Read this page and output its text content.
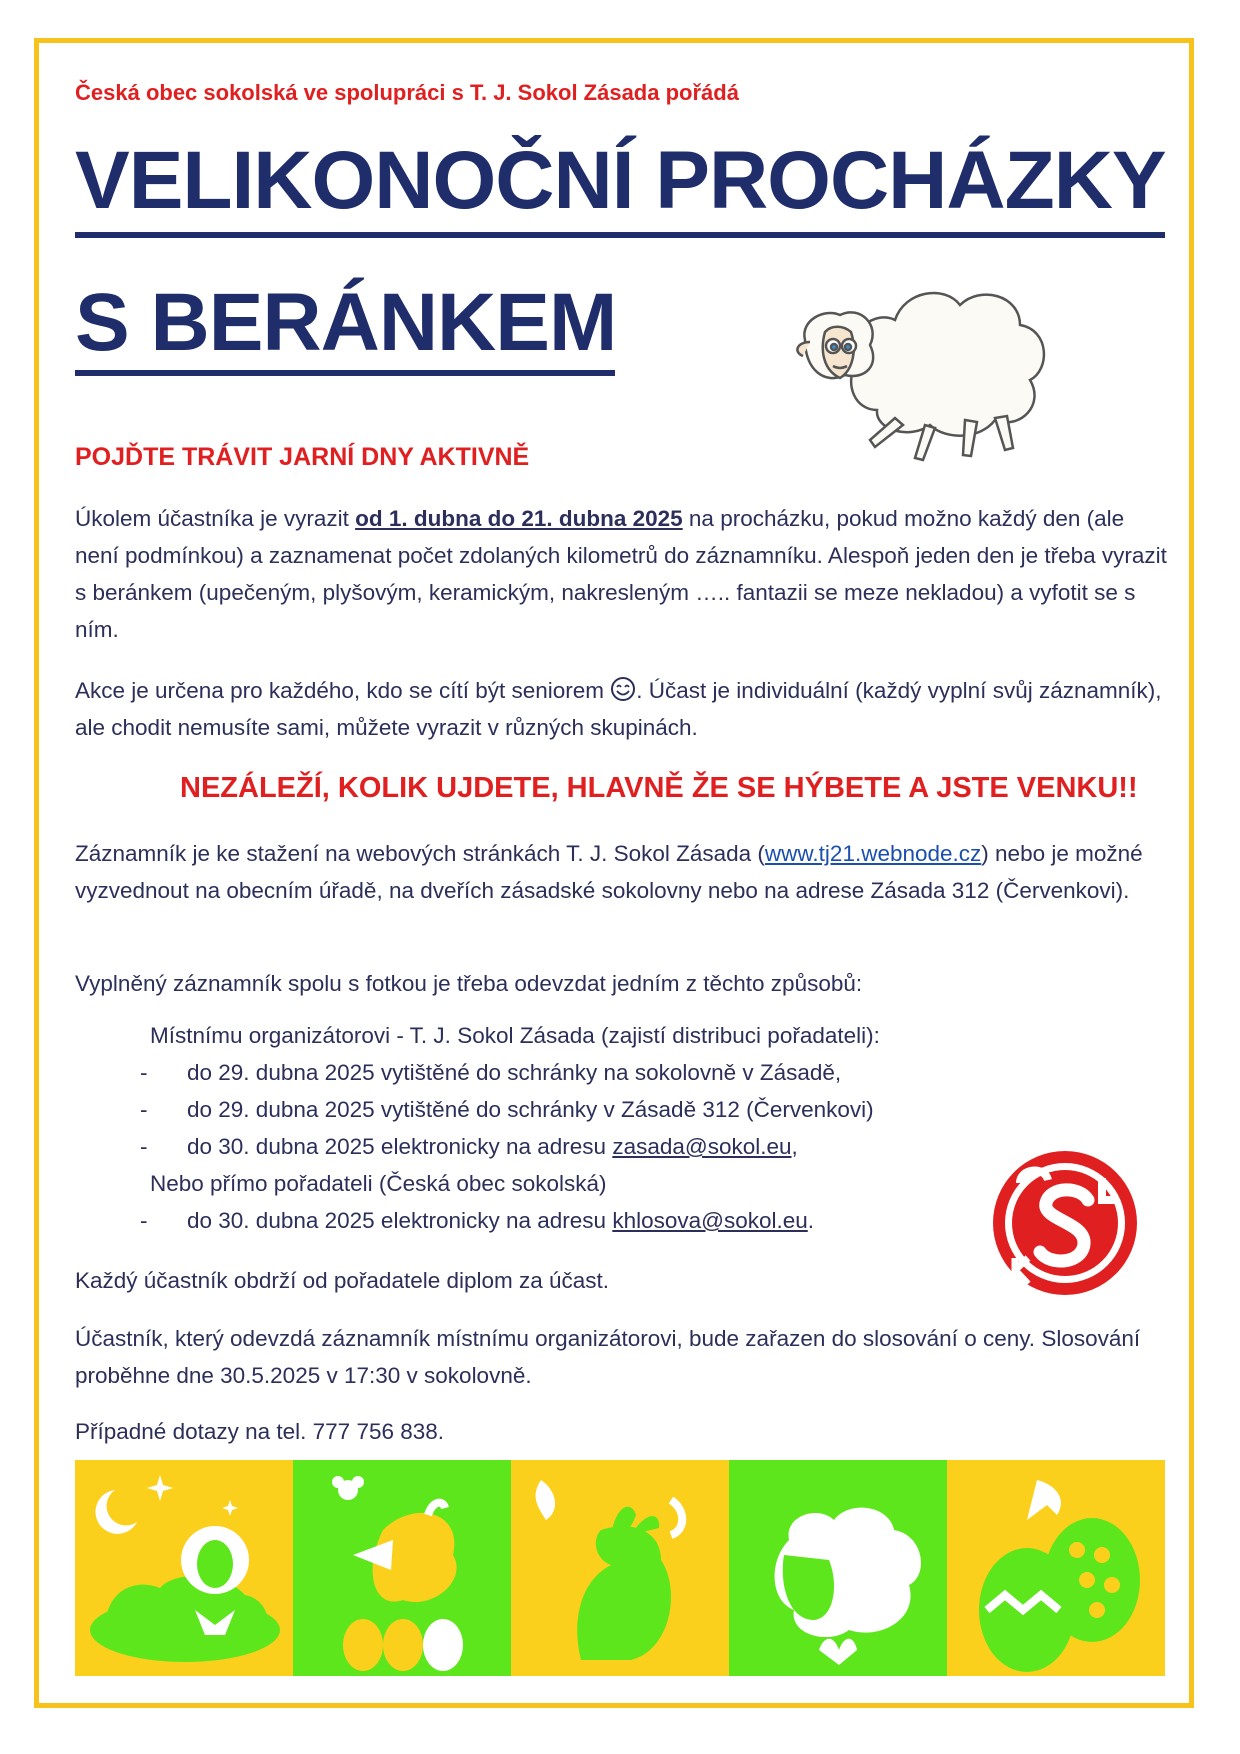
Česká obec sokolská ve spolupráci s T. J. Sokol Zásada pořádá
VELIKONOČNÍ PROCHÁZKY
S BERÁNKEM
POJĎTE TRÁVIT JARNÍ DNY AKTIVNĚ
Úkolem účastníka je vyrazit od 1. dubna do 21. dubna 2025 na procházku, pokud možno každý den (ale není podmínkou) a zaznamenat počet zdolaných kilometrů do záznamníku. Alespoň jeden den je třeba vyrazit s beránkem (upečeným, plyšovým, keramickým, nakresleným ….. fantazii se meze nekladou) a vyfotit se s ním.
Akce je určena pro každého, kdo se cítí být seniorem . Účast je individuální (každý vyplní svůj záznamník), ale chodit nemusíte sami, můžete vyrazit v různých skupinách.
NEZÁLEŽÍ, KOLIK UJDETE, HLAVNĚ ŽE SE HÝBETE A JSTE VENKU!!
Záznamník je ke stažení na webových stránkách T. J. Sokol Zásada (www.tj21.webnode.cz) nebo je možné vyzvednout na obecním úřadě, na dveřích zásadské sokolovny nebo na adrese Zásada 312 (Červenkovi).
Vyplněný záznamník spolu s fotkou je třeba odevzdat jedním z těchto způsobů:
Místnímu organizátorovi - T. J. Sokol Zásada (zajistí distribuci pořadateli):
- do 29. dubna 2025 vytištěné do schránky na sokolovně v Zásadě,
- do 29. dubna 2025 vytištěné do schránky v Zásadě 312 (Červenkovi)
- do 30. dubna 2025 elektronicky na adresu zasada@sokol.eu,
Nebo přímo pořadateli (Česká obec sokolská)
- do 30. dubna 2025 elektronicky na adresu khlosova@sokol.eu.
Každý účastník obdrží od pořadatele diplom za účast.
Účastník, který odevzdá záznamník místnímu organizátorovi, bude zařazen do slosování o ceny. Slosování proběhne dne 30.5.2025 v 17:30 v sokolovně.
Případné dotazy na tel. 777 756 838.
